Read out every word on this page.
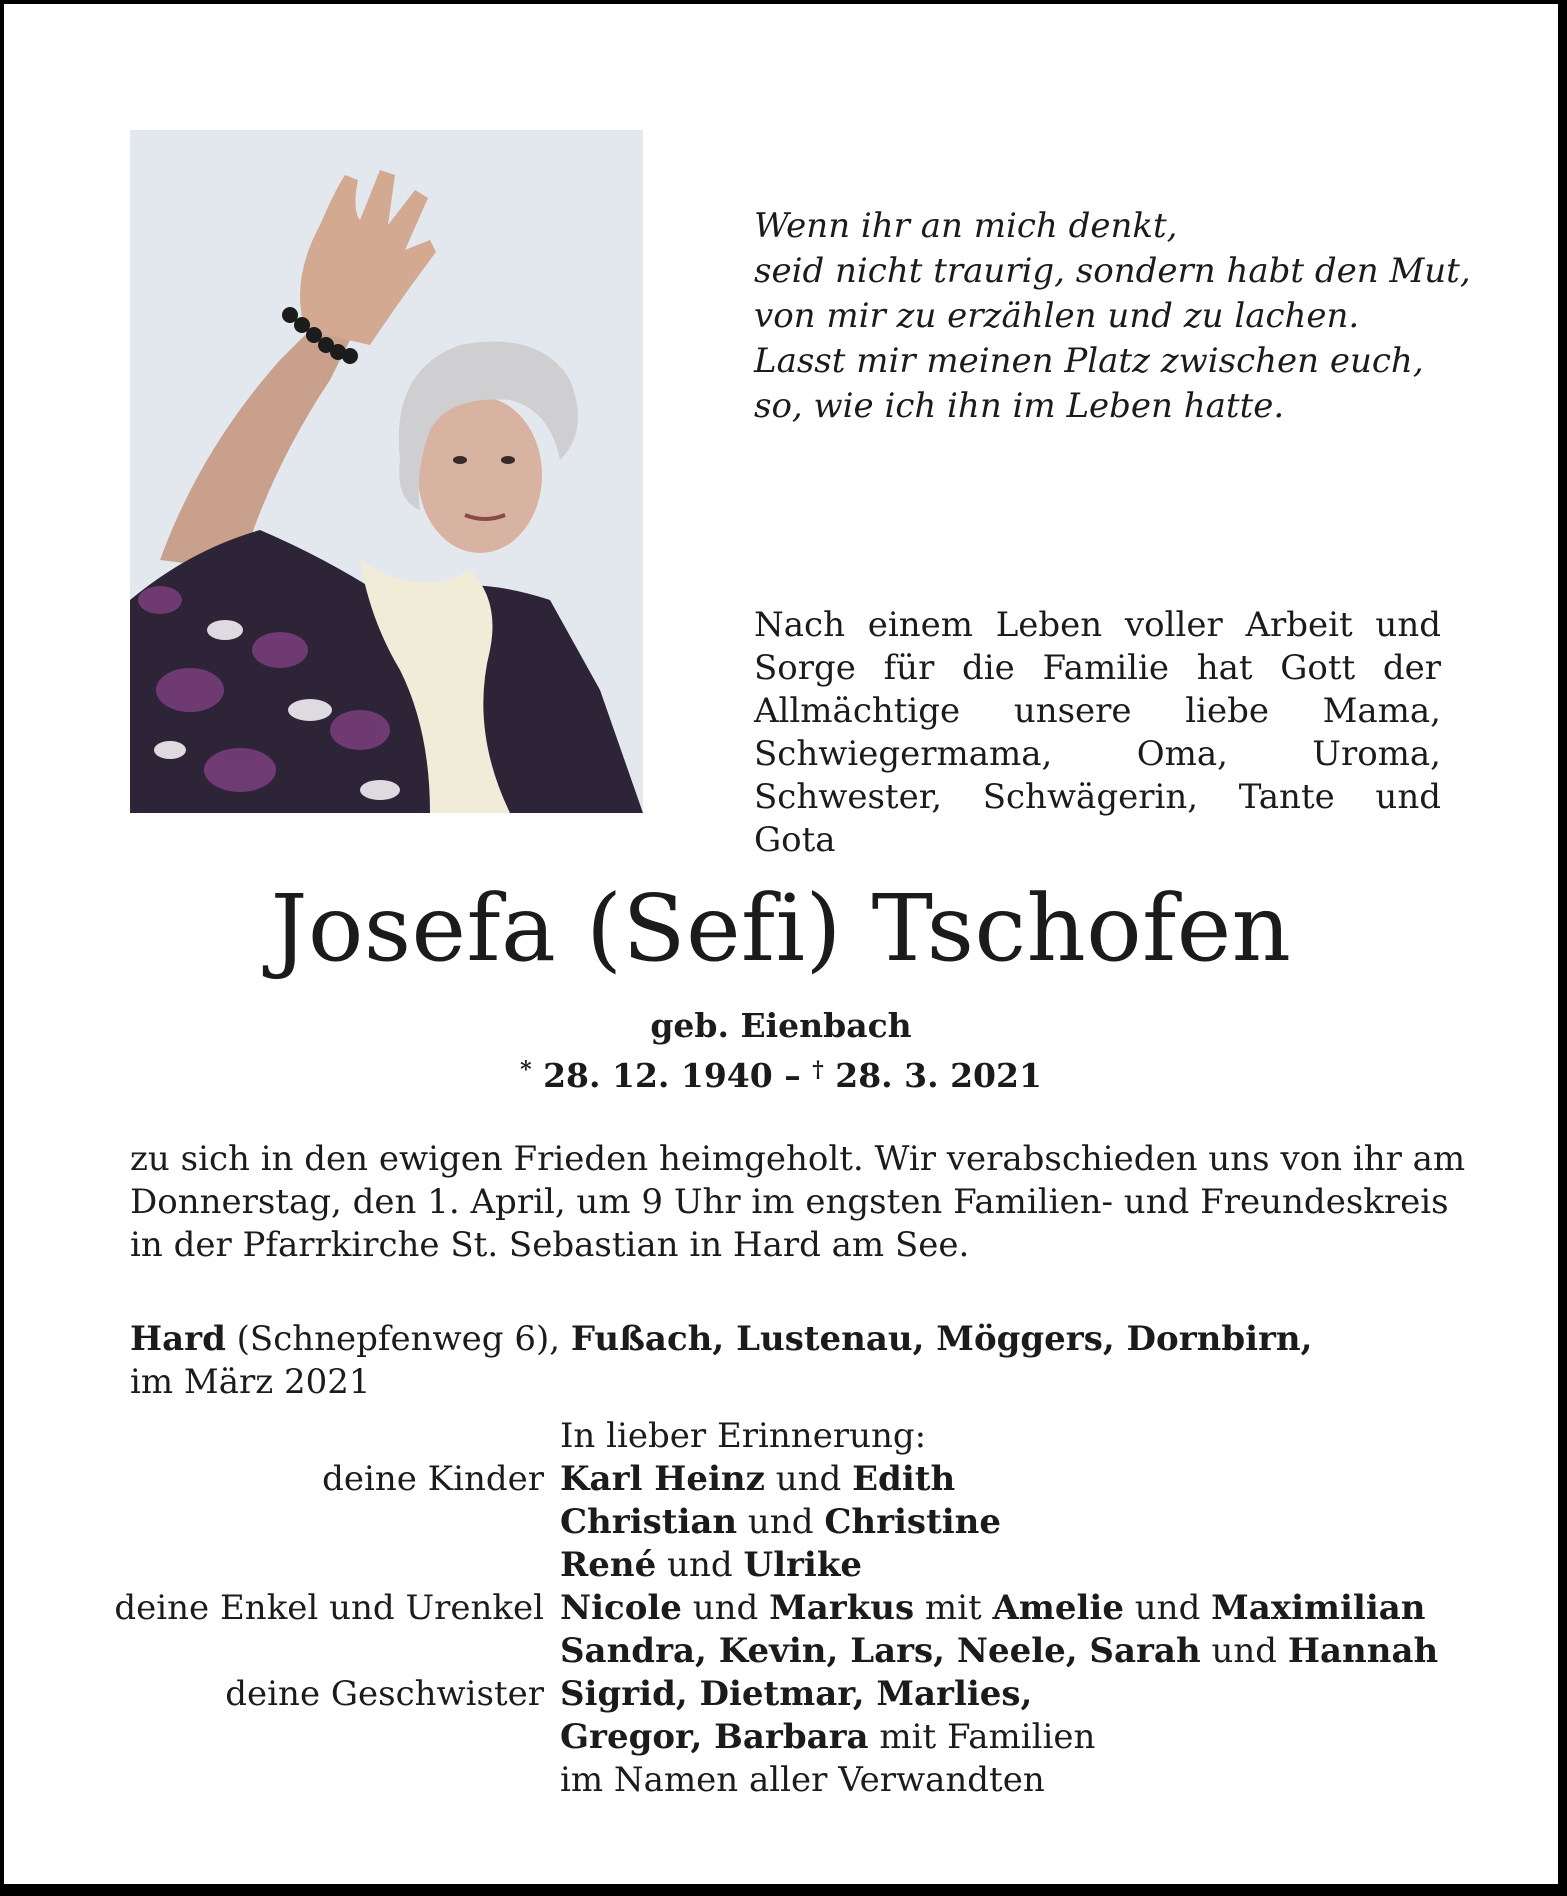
Wenn ihr an mich denkt,
seid nicht traurig, sondern habt den Mut,
von mir zu erzählen und zu lachen.
Lasst mir meinen Platz zwischen euch,
so, wie ich ihn im Leben hatte.
Nach einem Leben voller Arbeit und Sorge für die Familie hat Gott der Allmächtige unsere liebe Mama, Schwiegermama, Oma, Uroma, Schwester, Schwägerin, Tante und Gota
Josefa (Sefi) Tschofen
geb. Eienbach
* 28. 12. 1940 – † 28. 3. 2021
zu sich in den ewigen Frieden heimgeholt. Wir verabschieden uns von ihr am
Donnerstag, den 1. April, um 9 Uhr im engsten Familien- und Freundeskreis
in der Pfarrkirche St. Sebastian in Hard am See.
Hard (Schnepfenweg 6), Fußach, Lustenau, Möggers, Dornbirn,
im März 2021
In lieber Erinnerung:
deine Kinder Karl Heinz und Edith
Christian und Christine
René und Ulrike
deine Enkel und Urenkel Nicole und Markus mit Amelie und Maximilian
Sandra, Kevin, Lars, Neele, Sarah und Hannah
deine Geschwister Sigrid, Dietmar, Marlies,
Gregor, Barbara mit Familien
im Namen aller Verwandten
